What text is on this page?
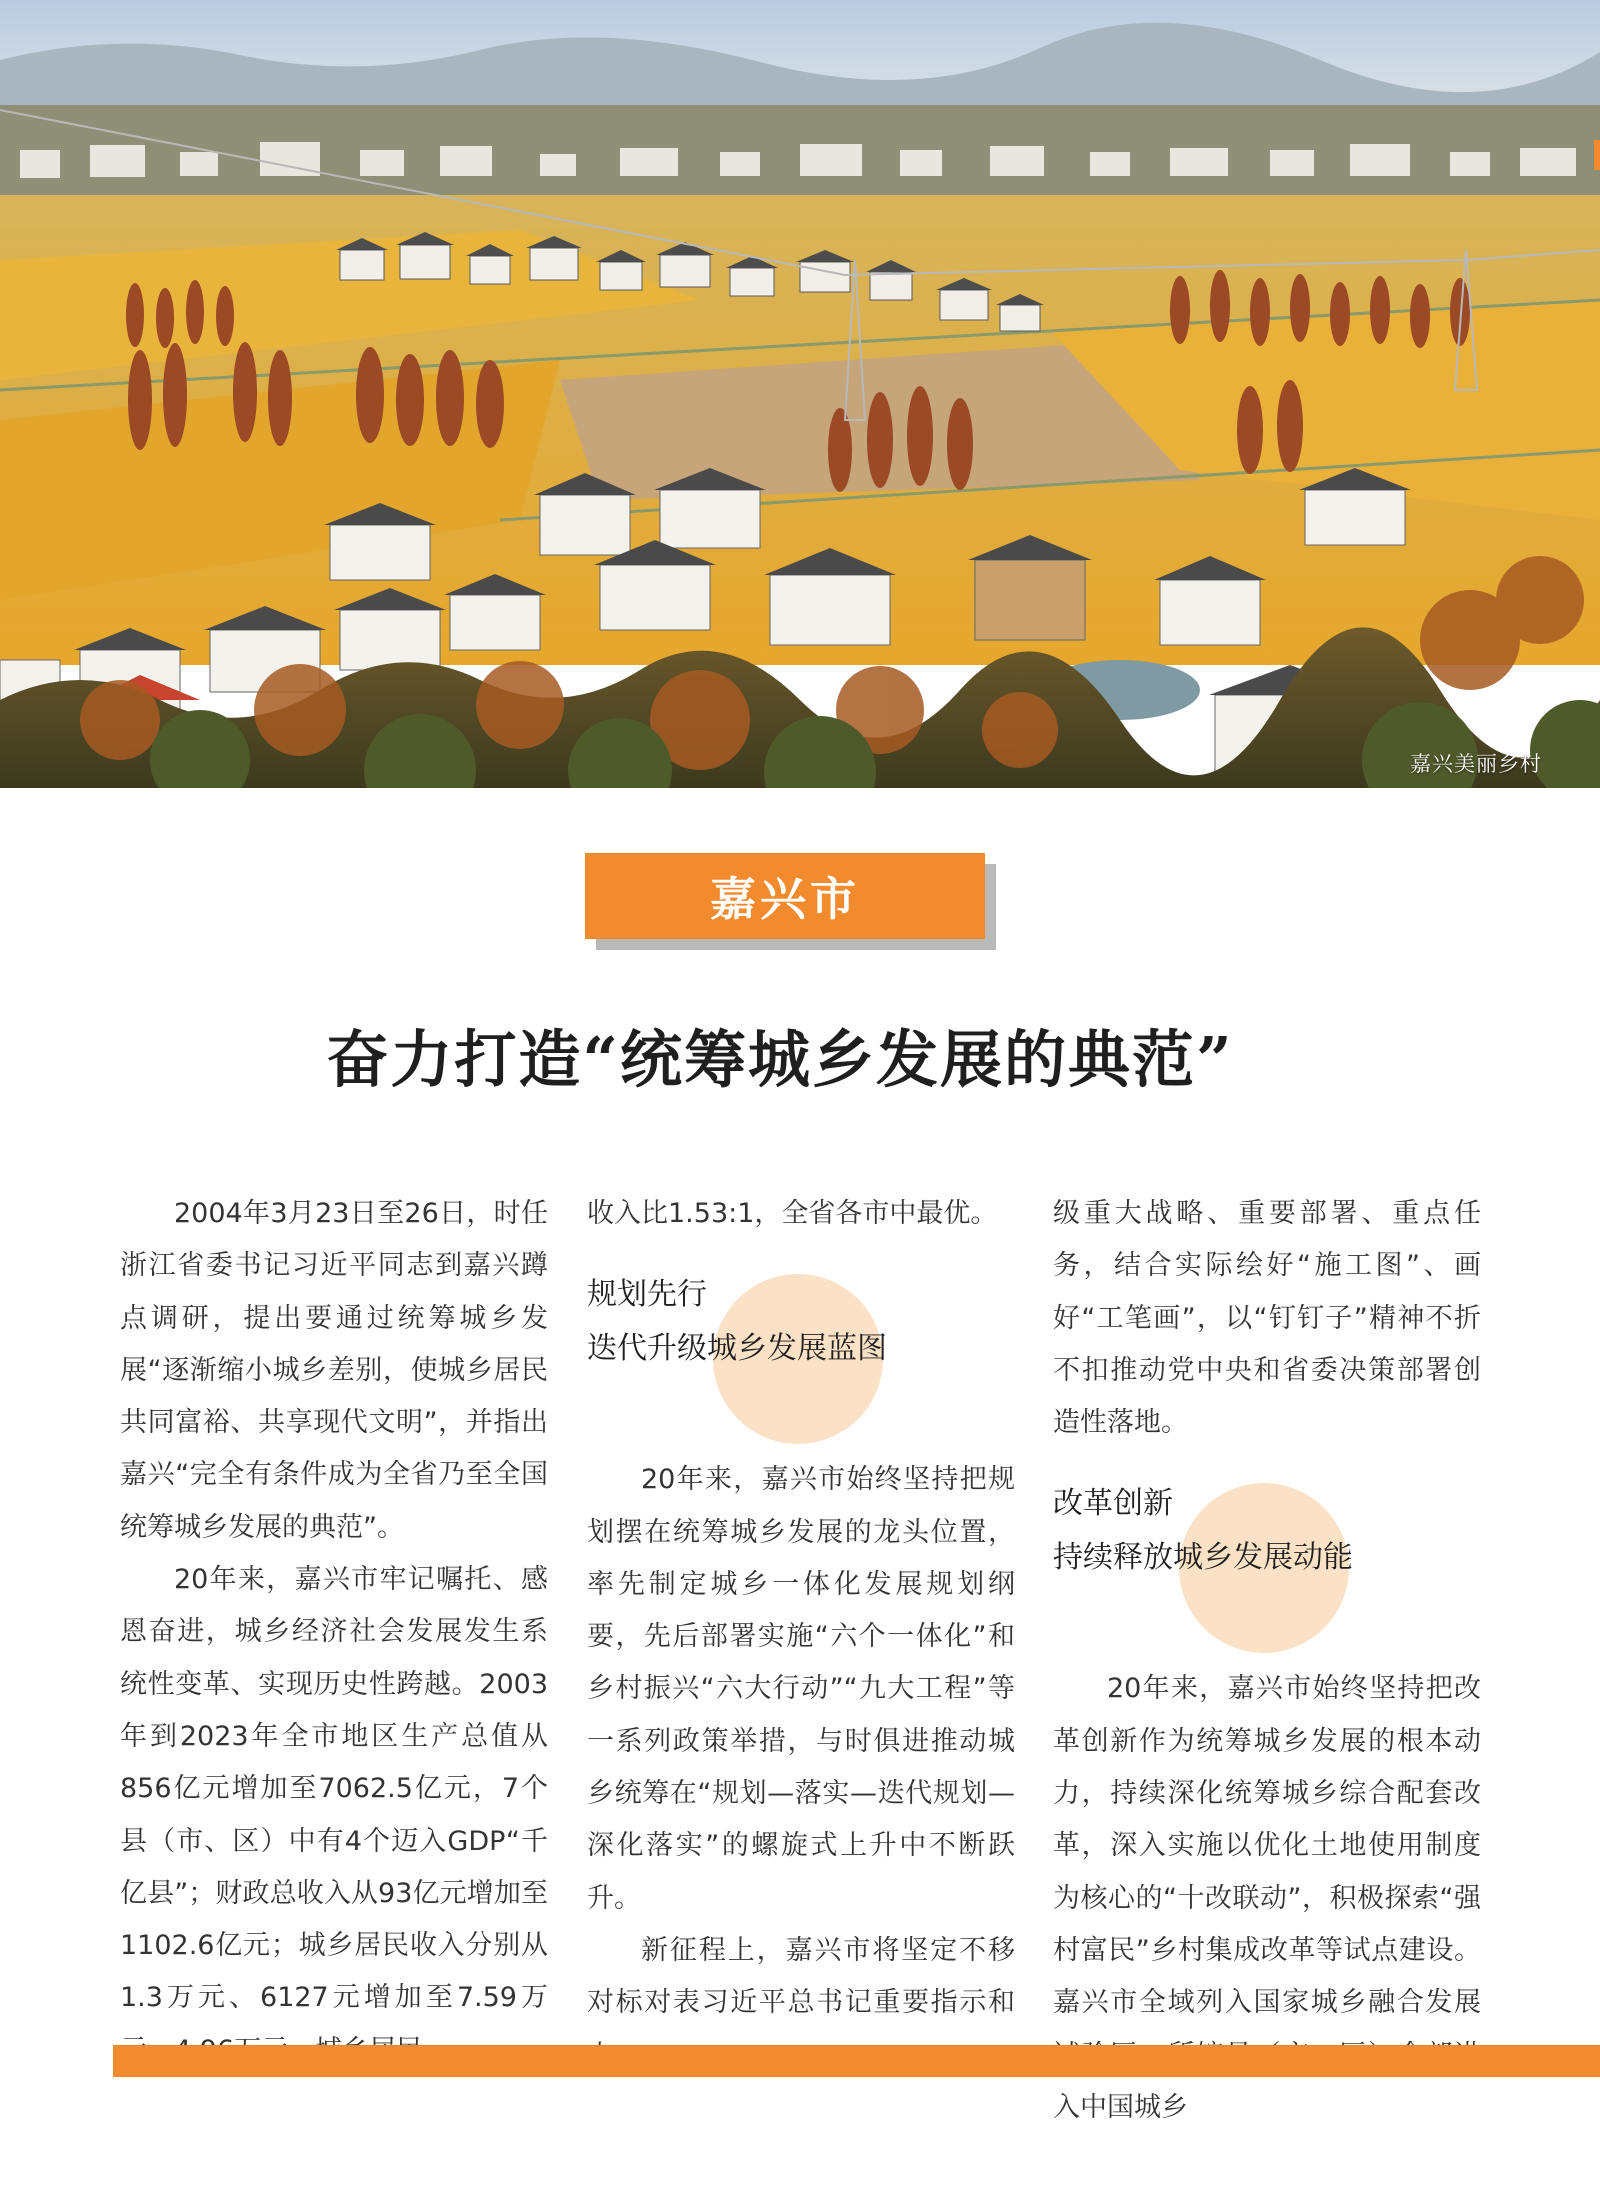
嘉兴美丽乡村
嘉兴市
奋力打造“统筹城乡发展的典范”

2004年3月23日至26日，时任浙江省委书记习近平同志到嘉兴蹲点调研，提出要通过统筹城乡发展“逐渐缩小城乡差别，使城乡居民共同富裕、共享现代文明”，并指出嘉兴“完全有条件成为全省乃至全国统筹城乡发展的典范”。

20年来，嘉兴市牢记嘱托、感恩奋进，城乡经济社会发展发生系统性变革、实现历史性跨越。2003年到2023年全市地区生产总值从856亿元增加至7062.5亿元，7个县（市、区）中有4个迈入GDP“千亿县”；财政总收入从93亿元增加至1102.6亿元；城乡居民收入分别从1.3万元、6127元增加至7.59万

收入比1.53:1，全省各市中最优。

规划先行
迭代升级城乡发展蓝图

20年来，嘉兴市始终坚持把规划摆在统筹城乡发展的龙头位置，率先制定城乡一体化发展规划纲要，先后部署实施“六个一体化”和乡村振兴“六大行动”“九大工程”等一系列政策举措，与时俱进推动城乡统筹在“规划—落实—迭代规划—深化落实”的螺旋式上升中不断跃升。

新征程上，嘉兴市将坚定不移对标对表习近平总书记重要指示和

级重大战略、重要部署、重点任务，结合实际绘好“施工图”、画好“工笔画”，以“钉钉子”精神不折不扣推动党中央和省委决策部署创造性落地。

改革创新
持续释放城乡发展动能

20年来，嘉兴市始终坚持把改革创新作为统筹城乡发展的根本动力，持续深化统筹城乡综合配套改革，深入实施以优化土地使用制度为核心的“十改联动”，积极探索“强村富民”乡村集成改革等试点建设。嘉兴市全域列入国家城乡融合发展 入中国城乡
